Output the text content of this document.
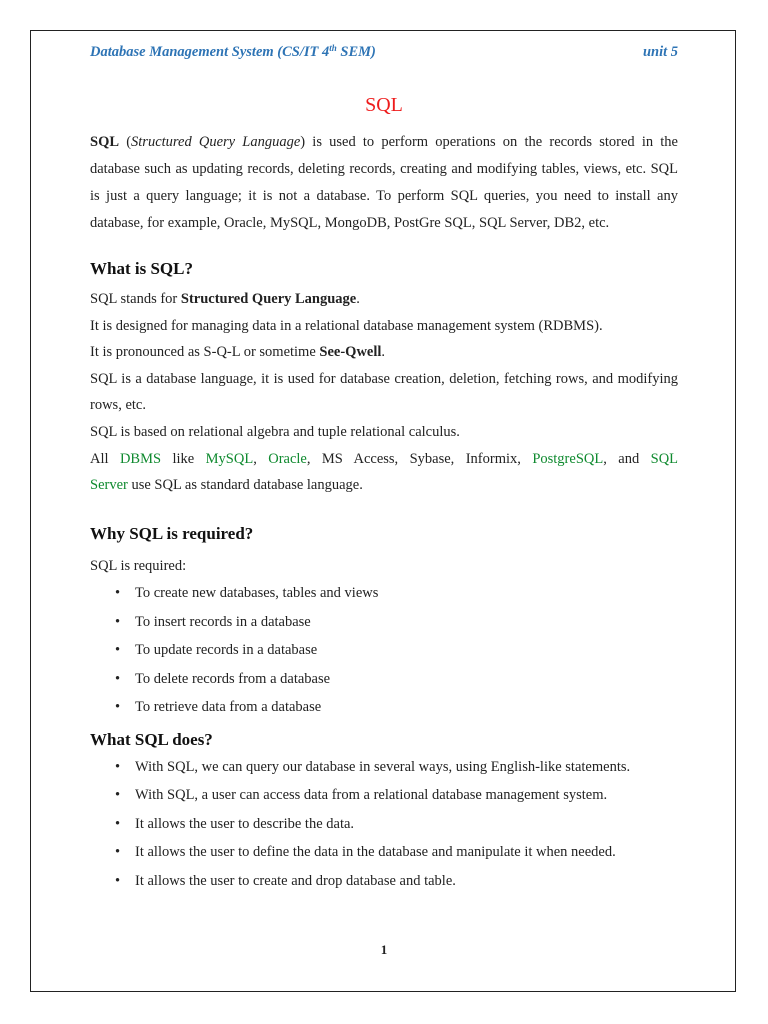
Database Management System (CS/IT 4th SEM)	unit 5
SQL

SQL (Structured Query Language) is used to perform operations on the records stored in the database such as updating records, deleting records, creating and modifying tables, views, etc. SQL is just a query language; it is not a database. To perform SQL queries, you need to install any database, for example, Oracle, MySQL, MongoDB, PostGre SQL, SQL Server, DB2, etc.

What is SQL?

SQL stands for Structured Query Language.

It is designed for managing data in a relational database management system (RDBMS).

It is pronounced as S-Q-L or sometime See-Qwell.

SQL is a database language, it is used for database creation, deletion, fetching rows, and modifying rows, etc.

SQL is based on relational algebra and tuple relational calculus.

All DBMS like MySQL, Oracle, MS Access, Sybase, Informix, PostgreSQL, and SQL

Server use SQL as standard database language.

Why SQL is required?

SQL is required:

• To create new databases, tables and views
• To insert records in a database
• To update records in a database
• To delete records from a database
• To retrieve data from a database
What SQL does?
• With SQL, we can query our database in several ways, using English-like statements.
• With SQL, a user can access data from a relational database management system.
• It allows the user to describe the data.
• It allows the user to define the data in the database and manipulate it when needed.
• It allows the user to create and drop database and table.
1
